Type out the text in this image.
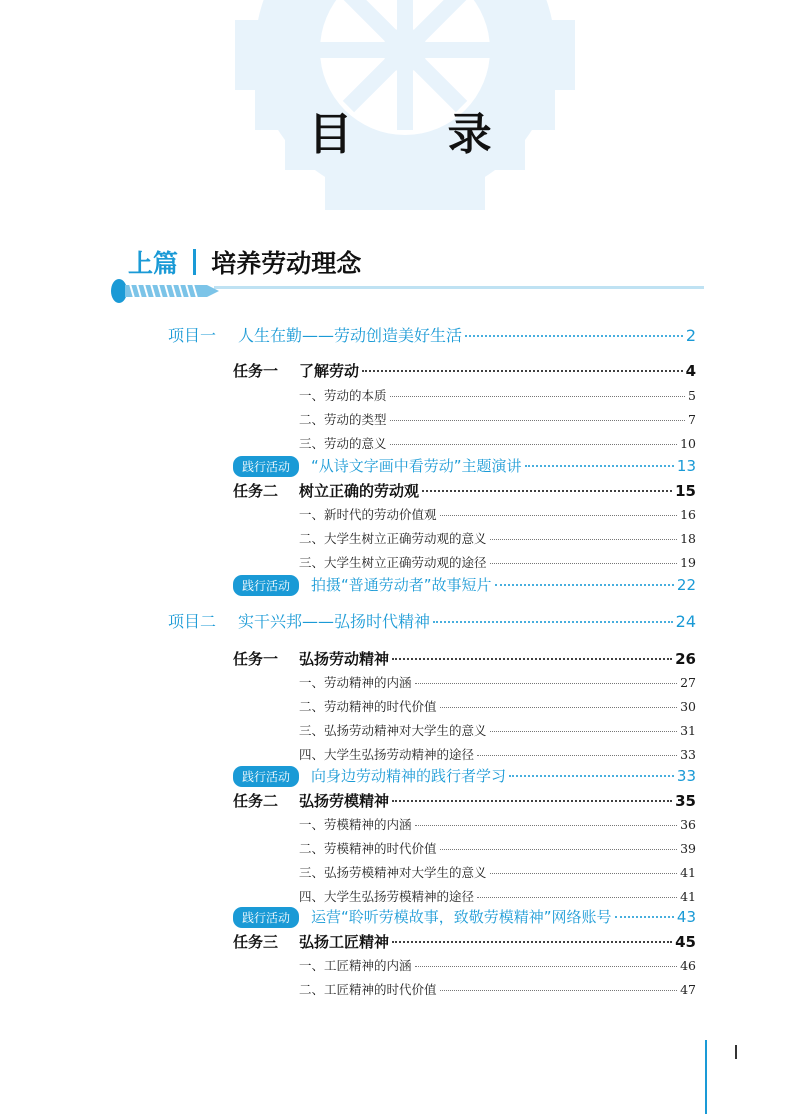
目 录
上篇 培养劳动理念
项目一	人生在勤——劳动创造美好生活	2
任务一	了解劳动	4
一、劳动的本质	5
二、劳动的类型	7
三、劳动的意义	10
践行活动	“从诗文字画中看劳动”主题演讲	13
任务二	树立正确的劳动观	15
一、新时代的劳动价值观	16
二、大学生树立正确劳动观的意义	18
三、大学生树立正确劳动观的途径	19
践行活动	拍摄“普通劳动者”故事短片	22
项目二	实干兴邦——弘扬时代精神	24
任务一	弘扬劳动精神	26
一、劳动精神的内涵	27
二、劳动精神的时代价值	30
三、弘扬劳动精神对大学生的意义	31
四、大学生弘扬劳动精神的途径	33
践行活动	向身边劳动精神的践行者学习	33
任务二	弘扬劳模精神	35
一、劳模精神的内涵	36
二、劳模精神的时代价值	39
三、弘扬劳模精神对大学生的意义	41
四、大学生弘扬劳模精神的途径	41
践行活动	运营“聆听劳模故事，致敬劳模精神”网络账号	43
任务三	弘扬工匠精神	45
一、工匠精神的内涵	46
二、工匠精神的时代价值	47
